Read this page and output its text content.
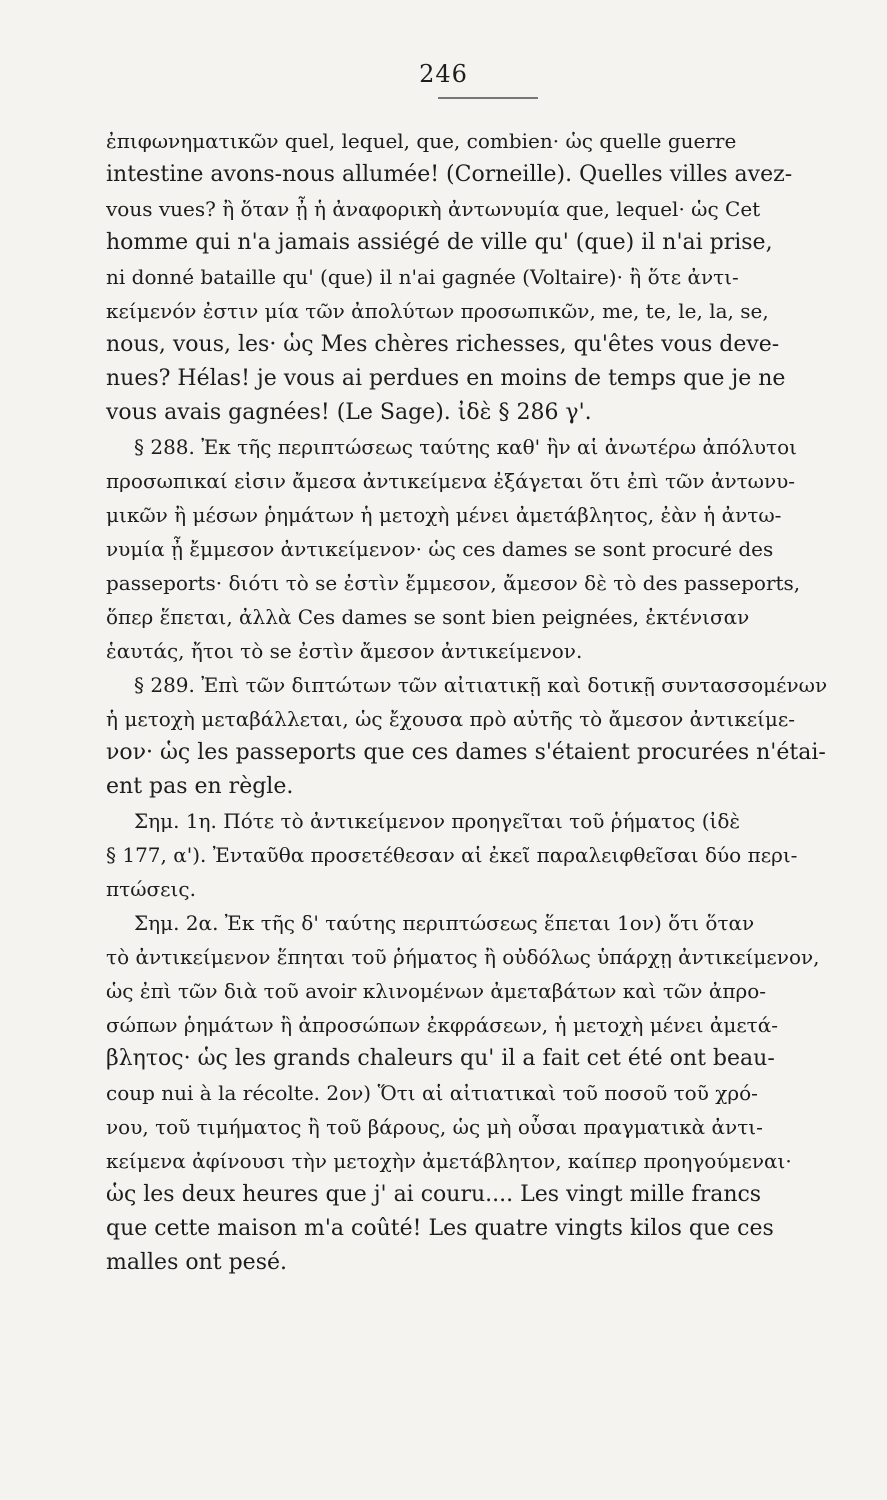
246
ἐπιφωνηματικῶν quel, lequel, que, combien· ὡς quelle guerre
intestine avons-nous allumée! (Corneille). Quelles villes avez-
vous vues? ἢ ὅταν ᾖ ἡ ἀναφορικὴ ἀντωνυμία que, lequel· ὡς Cet
homme qui n'a jamais assiégé de ville qu' (que) il n'ai prise,
ni donné bataille qu' (que) il n'ai gagnée (Voltaire)· ἢ ὅτε ἀντι-
κείμενόν ἐστιν μία τῶν ἀπολύτων προσωπικῶν, me, te, le, la, se,
nous, vous, les· ὡς Mes chères richesses, qu'êtes vous deve-
nues? Hélas! je vous ai perdues en moins de temps que je ne
vous avais gagnées! (Le Sage). ἰδὲ § 286 γ'.
§ 288. Ἐκ τῆς περιπτώσεως ταύτης καθ' ἣν αἱ ἀνωτέρω ἀπόλυτοι
προσωπικαί εἰσιν ἄμεσα ἀντικείμενα ἐξάγεται ὅτι ἐπὶ τῶν ἀντωνυ-
μικῶν ἢ μέσων ῥημάτων ἡ μετοχὴ μένει ἀμετάβλητος, ἐὰν ἡ ἀντω-
νυμία ᾖ ἔμμεσον ἀντικείμενον· ὡς ces dames se sont procuré des
passeports· διότι τὸ se ἐστὶν ἔμμεσον, ἄμεσον δὲ τὸ des passeports,
ὅπερ ἕπεται, ἀλλὰ Ces dames se sont bien peignées, ἐκτένισαν
ἑαυτάς, ἤτοι τὸ se ἐστὶν ἄμεσον ἀντικείμενον.
§ 289. Ἐπὶ τῶν διπτώτων τῶν αἰτιατικῇ καὶ δοτικῇ συντασσομένων
ἡ μετοχὴ μεταβάλλεται, ὡς ἔχουσα πρὸ αὐτῆς τὸ ἄμεσον ἀντικείμε-
νον· ὡς les passeports que ces dames s'étaient procurées n'étai-
ent pas en règle.
Σημ. 1η. Πότε τὸ ἀντικείμενον προηγεῖται τοῦ ῥήματος (ἰδὲ
§ 177, α'). Ἐνταῦθα προσετέθεσαν αἱ ἐκεῖ παραλειφθεῖσαι δύο περι-
πτώσεις.
Σημ. 2α. Ἐκ τῆς δ' ταύτης περιπτώσεως ἕπεται 1ον) ὅτι ὅταν
τὸ ἀντικείμενον ἕπηται τοῦ ῥήματος ἢ οὐδόλως ὑπάρχῃ ἀντικείμενον,
ὡς ἐπὶ τῶν διὰ τοῦ avoir κλινομένων ἀμεταβάτων καὶ τῶν ἀπρο-
σώπων ῥημάτων ἢ ἀπροσώπων ἐκφράσεων, ἡ μετοχὴ μένει ἀμετά-
βλητος· ὡς les grands chaleurs qu' il a fait cet été ont beau-
coup nui à la récolte. 2ον) Ὅτι αἱ αἰτιατικαὶ τοῦ ποσοῦ τοῦ χρό-
νου, τοῦ τιμήματος ἢ τοῦ βάρους, ὡς μὴ οὖσαι πραγματικὰ ἀντι-
κείμενα ἀφίνουσι τὴν μετοχὴν ἀμετάβλητον, καίπερ προηγούμεναι·
ὡς les deux heures que j' ai couru.... Les vingt mille francs
que cette maison m'a coûté! Les quatre vingts kilos que ces
malles ont pesé.
